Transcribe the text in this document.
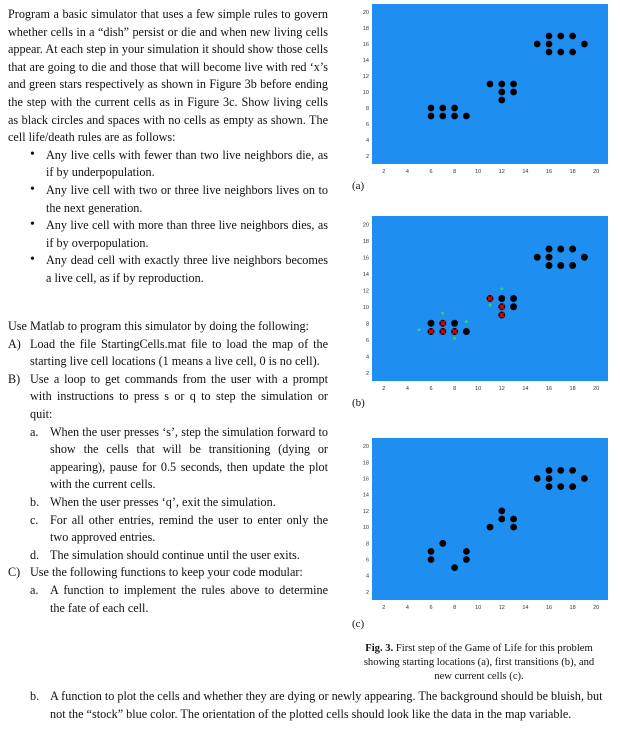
Program a basic simulator that uses a few simple rules to govern whether cells in a “dish” persist or die and when new living cells appear. At each step in your simulation it should show those cells that are going to die and those that will become live with red ‘x’s and green stars respectively as shown in Figure 3b before ending the step with the current cells as in Figure 3c. Show living cells as black circles and spaces with no cells as empty as shown. The cell life/death rules are as follows:

• Any live cells with fewer than two live neighbors die, as if by underpopulation.
• Any live cell with two or three live neighbors lives on to the next generation.
• Any live cell with more than three live neighbors dies, as if by overpopulation.
• Any dead cell with exactly three live neighbors becomes a live cell, as if by reproduction.

Use Matlab to program this simulator by doing the following:

A) Load the file StartingCells.mat file to load the map of the starting live cell locations (1 means a live cell, 0 is no cell).
B) Use a loop to get commands from the user with a prompt with instructions to press s or q to step the simulation or quit:
a. When the user presses ‘s’, step the simulation forward to show the cells that will be transitioning (dying or appearing), pause for 0.5 seconds, then update the plot with the current cells.
b. When the user presses ‘q’, exit the simulation.
c. For all other entries, remind the user to enter only the two approved entries.
d. The simulation should continue until the user exits.
C) Use the following functions to keep your code modular:
a. A function to implement the rules above to determine the fate of each cell.
b. A function to plot the cells and whether they are dying or newly appearing. The background should be bluish, but not the “stock” blue color. The orientation of the plotted cells should look like the data in the map variable.
2	4	6	8	10	12	14	16	18	20
2
4
6
8
10
12
14
16
18
20
(a)
2	4	6	8	10	12	14	16	18	20
2
4
6
8
10
12
14
16
18
20
*
*
*
*
*
*
(b)
2	4	6	8	10	12	14	16	18	20
2
4
6
8
10
12
14
16
18
20
(c)
Fig. 3. First step of the Game of Life for this problem showing starting locations (a), first transitions (b), and new current cells (c).
